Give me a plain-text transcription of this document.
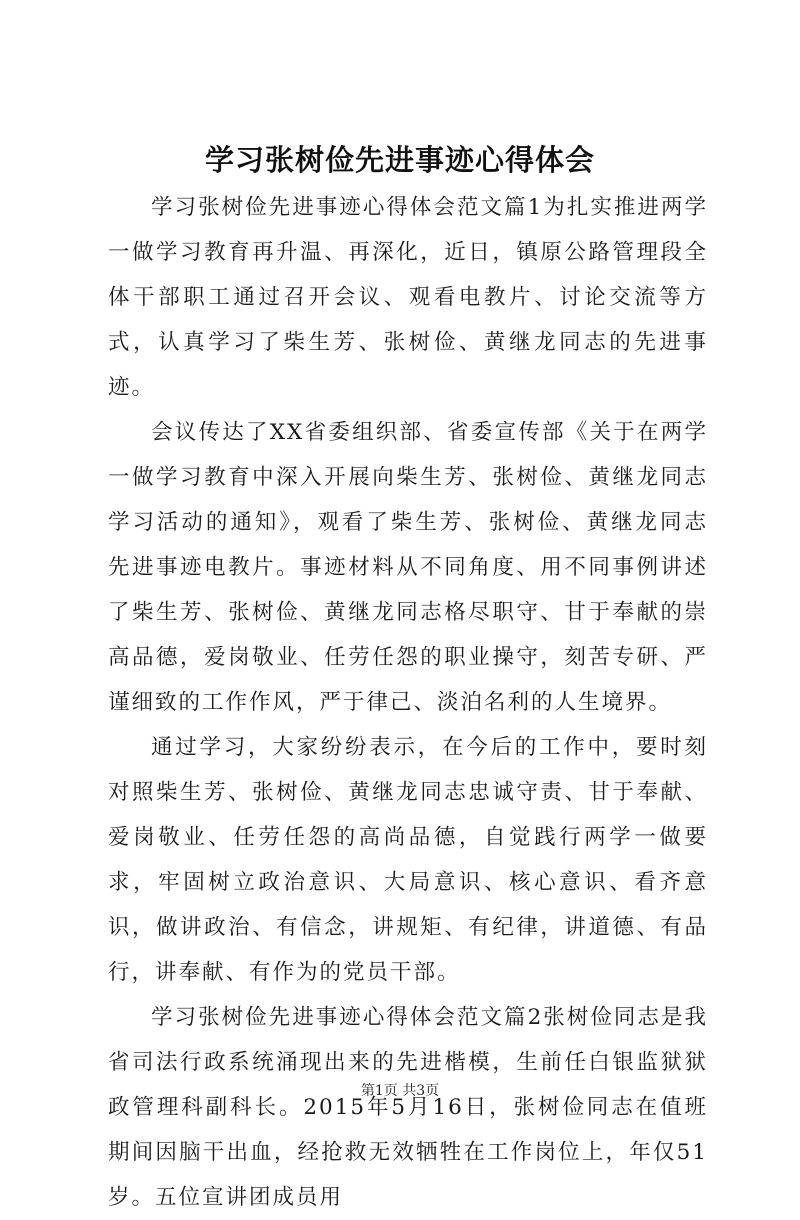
学习张树俭先进事迹心得体会

学习张树俭先进事迹心得体会范文篇1为扎实推进两学一做学习教育再升温、再深化，近日，镇原公路管理段全体干部职工通过召开会议、观看电教片、讨论交流等方式，认真学习了柴生芳、张树俭、黄继龙同志的先进事迹。

会议传达了XX省委组织部、省委宣传部《关于在两学一做学习教育中深入开展向柴生芳、张树俭、黄继龙同志学习活动的通知》，观看了柴生芳、张树俭、黄继龙同志先进事迹电教片。事迹材料从不同角度、用不同事例讲述了柴生芳、张树俭、黄继龙同志格尽职守、甘于奉献的崇高品德，爱岗敬业、任劳任怨的职业操守，刻苦专研、严谨细致的工作作风，严于律己、淡泊名利的人生境界。

通过学习，大家纷纷表示，在今后的工作中，要时刻对照柴生芳、张树俭、黄继龙同志忠诚守责、甘于奉献、爱岗敬业、任劳任怨的高尚品德，自觉践行两学一做要求，牢固树立政治意识、大局意识、核心意识、看齐意识，做讲政治、有信念，讲规矩、有纪律，讲道德、有品行，讲奉献、有作为的党员干部。

学习张树俭先进事迹心得体会范文篇2张树俭同志是我省司法行政系统涌现出来的先进楷模，生前任白银监狱狱政管理科副科长。2015年5月16日，张树俭同志在值班期间因脑干出血，经抢救无效牺牲在工作岗位上，年仅51岁。五位宣讲团成员用

第1页 共3页
